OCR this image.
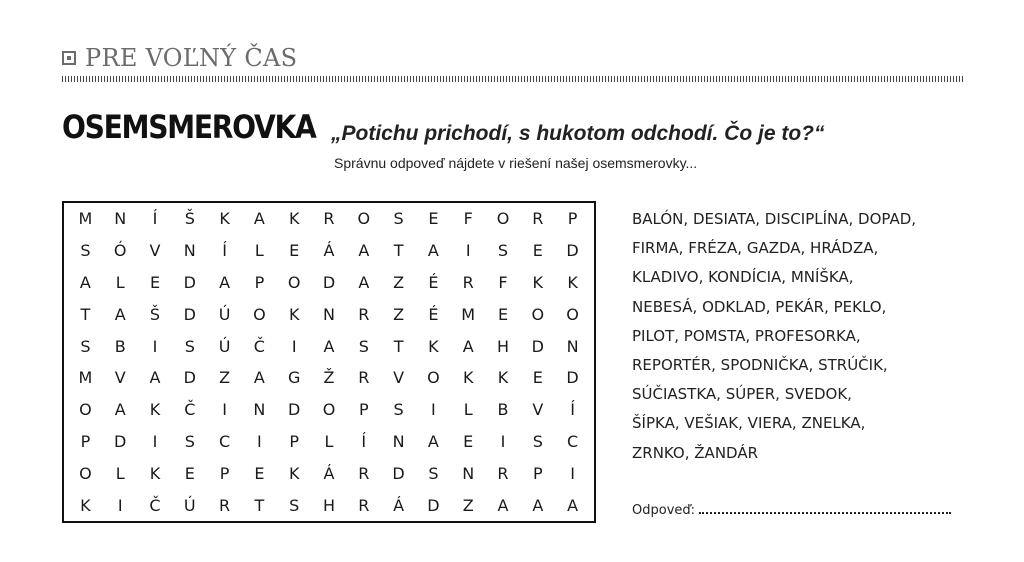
PRE VOĽNÝ ČAS
OSEMSMEROVKA „Potichu prichodí, s hukotom odchodí. Čo je to?“
Správnu odpoveď nájdete v riešení našej osemsmerovky...
M	N	Í	Š	K	A	K	R	O	S	E	F	O	R	P
S	Ó	V	N	Í	L	E	Á	A	T	A	I	S	E	D
A	L	E	D	A	P	O	D	A	Z	É	R	F	K	K
T	A	Š	D	Ú	O	K	N	R	Z	É	M	E	O	O
S	B	I	S	Ú	Č	I	A	S	T	K	A	H	D	N
M	V	A	D	Z	A	G	Ž	R	V	O	K	K	E	D
O	A	K	Č	I	N	D	O	P	S	I	L	B	V	Í
P	D	I	S	C	I	P	L	Í	N	A	E	I	S	C
O	L	K	E	P	E	K	Á	R	D	S	N	R	P	I
K	I	Č	Ú	R	T	S	H	R	Á	D	Z	A	A	A
BALÓN, DESIATA, DISCIPLÍNA, DOPAD,
FIRMA, FRÉZA, GAZDA, HRÁDZA,
KLADIVO, KONDÍCIA, MNÍŠKA,
NEBESÁ, ODKLAD, PEKÁR, PEKLO,
PILOT, POMSTA, PROFESORKA,
REPORTÉR, SPODNIČKA, STRÚČIK,
SÚČIASTKA, SÚPER, SVEDOK,
ŠÍPKA, VEŠIAK, VIERA, ZNELKA,
ZRNKO, ŽANDÁR
Odpoveď:
